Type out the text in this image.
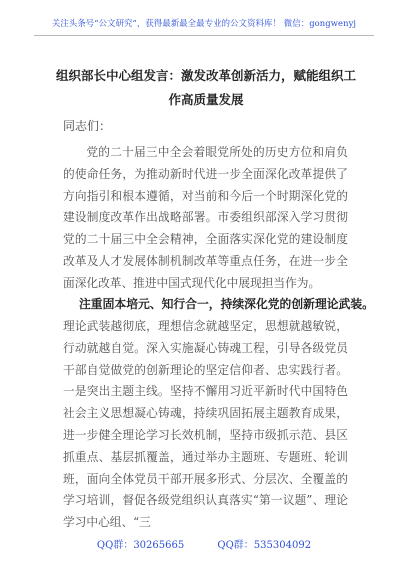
关注头条号“公文研究”，获得最新最全最专业的公文资料库！ 微信：gongwenyj
组织部长中心组发言：激发改革创新活力，赋能组织工作高质量发展
同志们：

党的二十届三中全会着眼党所处的历史方位和肩负的使命任务，为推动新时代进一步全面深化改革提供了方向指引和根本遵循，对当前和今后一个时期深化党的建设制度改革作出战略部署。市委组织部深入学习贯彻党的二十届三中全会精神，全面落实深化党的建设制度改革及人才发展体制机制改革等重点任务，在进一步全面深化改革、推进中国式现代化中展现担当作为。

注重固本培元、知行合一，持续深化党的创新理论武装。

理论武装越彻底，理想信念就越坚定，思想就越敏锐，行动就越自觉。深入实施凝心铸魂工程，引导各级党员干部自觉做党的创新理论的坚定信仰者、忠实践行者。一是突出主题主线。坚持不懈用习近平新时代中国特色社会主义思想凝心铸魂，持续巩固拓展主题教育成果，进一步健全理论学习长效机制，坚持市级抓示范、县区抓重点、基层抓覆盖，通过举办主题班、专题班、轮训班，面向全体党员干部开展多形式、分层次、全覆盖的学习培训，督促各级党组织认真落实“第一议题”、理论学习中心组、“三

QQ群：30265665	QQ群：535304092
